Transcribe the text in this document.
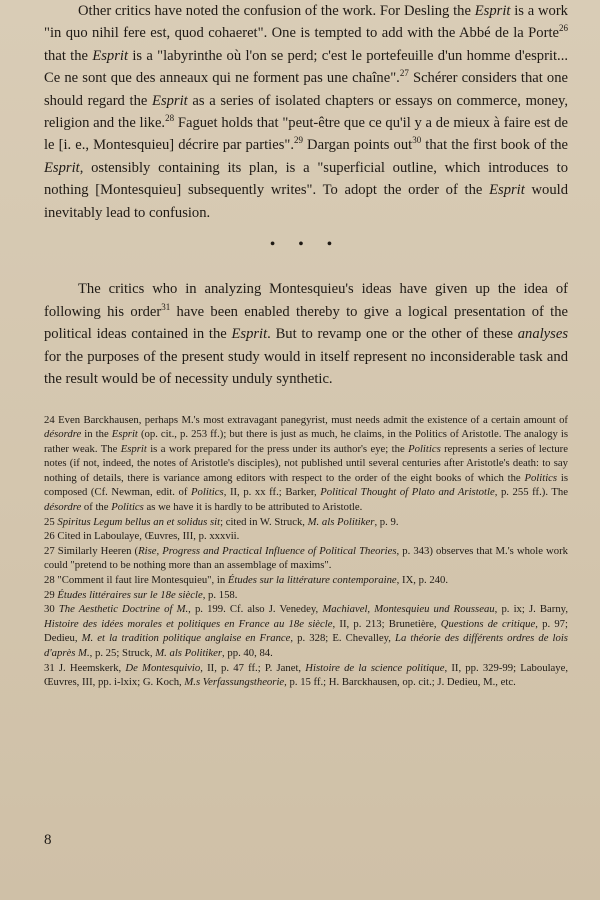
Other critics have noted the confusion of the work. For Desling the Esprit is a work "in quo nihil fere est, quod cohaeret". One is tempted to add with the Abbé de la Porte$^{26}$ that the Esprit is a "labyrinthe où l'on se perd; c'est le portefeuille d'un homme d'esprit... Ce ne sont que des anneaux qui ne forment pas une chaîne".$^{27}$ Schérer considers that one should regard the Esprit as a series of isolated chapters or essays on commerce, money, religion and the like.$^{28}$ Faguet holds that "peut-être que ce qu'il y a de mieux à faire est de le [i. e., Montesquieu] décrire par parties".$^{29}$ Dargan points out$^{30}$ that the first book of the Esprit, ostensibly containing its plan, is a "superficial outline, which introduces to nothing [Montesquieu] subsequently writes". To adopt the order of the Esprit would inevitably lead to confusion.

• • •

The critics who in analyzing Montesquieu's ideas have given up the idea of following his order$^{31}$ have been enabled thereby to give a logical presentation of the political ideas contained in the Esprit. But to revamp one or the other of these analyses for the purposes of the present study would in itself represent no inconsiderable task and the result would be of necessity unduly synthetic.

24 Even Barckhausen, perhaps M.'s most extravagant panegyrist, must needs admit the existence of a certain amount of désordre in the Esprit (op. cit., p. 253 ff.); but there is just as much, he claims, in the Politics of Aristotle. The analogy is rather weak. The Esprit is a work prepared for the press under its author's eye; the Politics represents a series of lecture notes (if not, indeed, the notes of Aristotle's disciples), not published until several centuries after Aristotle's death: to say nothing of details, there is variance among editors with respect to the order of the eight books of which the Politics is composed (Cf. Newman, edit. of Politics, II, p. xx ff.; Barker, Political Thought of Plato and Aristotle, p. 255 ff.). The désordre of the Politics as we have it is hardly to be attributed to Aristotle.

25 Spiritus Legum bellus an et solidus sit; cited in W. Struck, M. als Politiker, p. 9.

26 Cited in Laboulaye, Œuvres, III, p. xxxvii.

27 Similarly Heeren (Rise, Progress and Practical Influence of Political Theories, p. 343) observes that M.'s whole work could "pretend to be nothing more than an assemblage of maxims".

28 "Comment il faut lire Montesquieu", in Études sur la littérature contemporaine, IX, p. 240.

29 Études littéraires sur le 18e siècle, p. 158.

30 The Aesthetic Doctrine of M., p. 199. Cf. also J. Venedey, Machiavel, Montesquieu und Rousseau, p. ix; J. Barny, Histoire des idées morales et politiques en France au 18e siècle, II, p. 213; Brunetière, Questions de critique, p. 97; Dedieu, M. et la tradition politique anglaise en France, p. 328; E. Chevalley, La théorie des différents ordres de lois d'après M., p. 25; Struck, M. als Politiker, pp. 40, 84.

31 J. Heemskerk, De Montesquivio, II, p. 47 ff.; P. Janet, Histoire de la science politique, II, pp. 329-99; Laboulaye, Œuvres, III, pp. i-lxix; G. Koch, M.s Verfassungstheorie, p. 15 ff.; H. Barckhausen, op. cit.; J. Dedieu, M., etc.

8
